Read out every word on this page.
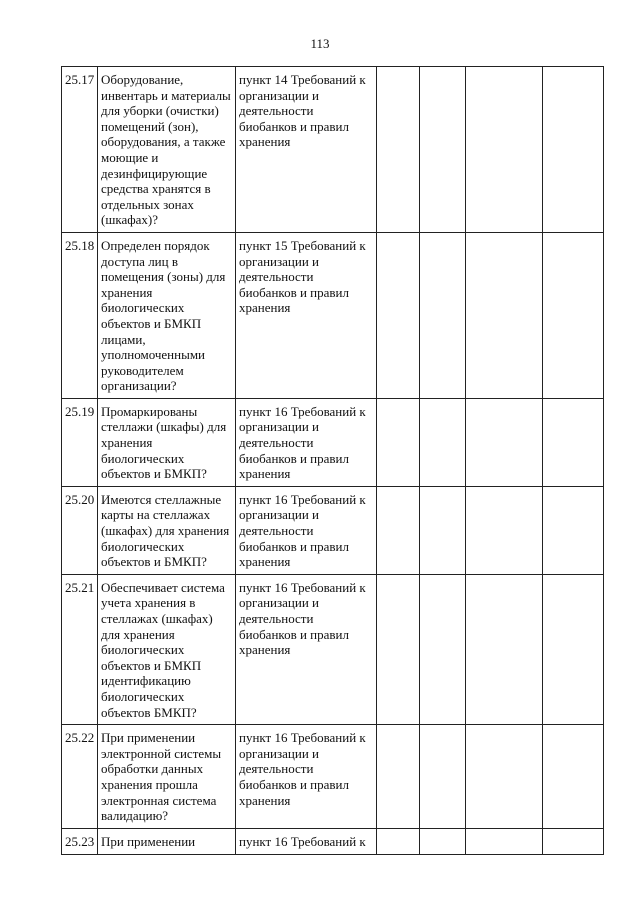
113
25.17	Оборудование, инвентарь и материалы для уборки (очистки) помещений (зон), оборудования, а также моющие и дезинфицирующие средства хранятся в отдельных зонах (шкафах)?	пункт 14 Требований к организации и деятельности биобанков и правил хранения				
25.18	Определен порядок доступа лиц в помещения (зоны) для хранения биологических объектов и БМКП лицами, уполномоченными руководителем организации?	пункт 15 Требований к организации и деятельности биобанков и правил хранения				
25.19	Промаркированы стеллажи (шкафы) для хранения биологических объектов и БМКП?	пункт 16 Требований к организации и деятельности биобанков и правил хранения				
25.20	Имеются стеллажные карты на стеллажах (шкафах) для хранения биологических объектов и БМКП?	пункт 16 Требований к организации и деятельности биобанков и правил хранения				
25.21	Обеспечивает система учета хранения в стеллажах (шкафах) для хранения биологических объектов и БМКП идентификацию биологических объектов БМКП?	пункт 16 Требований к организации и деятельности биобанков и правил хранения				
25.22	При применении электронной системы обработки данных хранения прошла электронная система валидацию?	пункт 16 Требований к организации и деятельности биобанков и правил хранения				
25.23	При применении	пункт 16 Требований к				
